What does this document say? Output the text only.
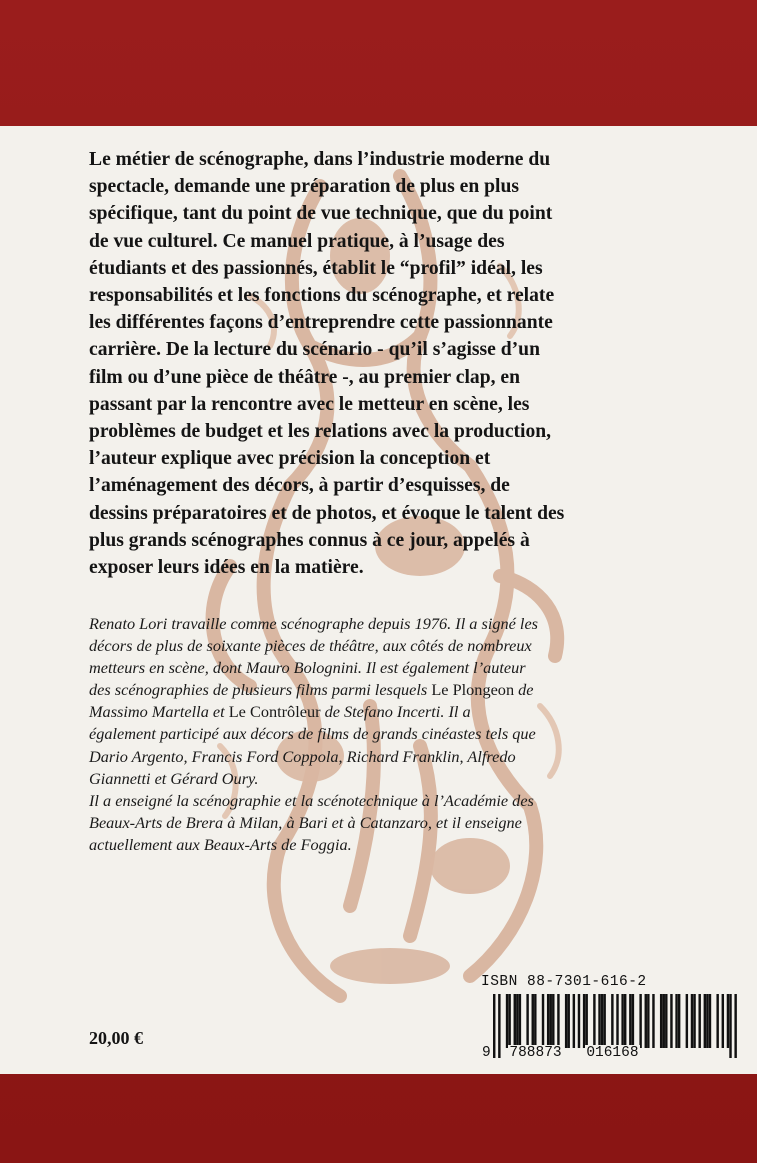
Le métier de scénographe, dans l’industrie moderne du
spectacle, demande une préparation de plus en plus
spécifique, tant du point de vue technique, que du point
de vue culturel. Ce manuel pratique, à l’usage des
étudiants et des passionnés, établit le “profil” idéal, les
responsabilités et les fonctions du scénographe, et relate
les différentes façons d’entreprendre cette passionnante
carrière. De la lecture du scénario - qu’il s’agisse d’un
film ou d’une pièce de théâtre -, au premier clap, en
passant par la rencontre avec le metteur en scène, les
problèmes de budget et les relations avec la production,
l’auteur explique avec précision la conception et
l’aménagement des décors, à partir d’esquisses, de
dessins préparatoires et de photos, et évoque le talent des
plus grands scénographes connus à ce jour, appelés à
exposer leurs idées en la matière.

Renato Lori travaille comme scénographe depuis 1976. Il a signé les
décors de plus de soixante pièces de théâtre, aux côtés de nombreux
metteurs en scène, dont Mauro Bolognini. Il est également l’auteur
des scénographies de plusieurs films parmi lesquels Le Plongeon de
Massimo Martella et Le Contrôleur de Stefano Incerti. Il a
également participé aux décors de films de grands cinéastes tels que
Dario Argento, Francis Ford Coppola, Richard Franklin, Alfredo
Giannetti et Gérard Oury.
Il a enseigné la scénographie et la scénotechnique à l’Académie des
Beaux-Arts de Brera à Milan, à Bari et à Catanzaro, et il enseigne
actuellement aux Beaux-Arts de Foggia.

20,00 €
ISBN 88-7301-616-2
9 788873 016168
